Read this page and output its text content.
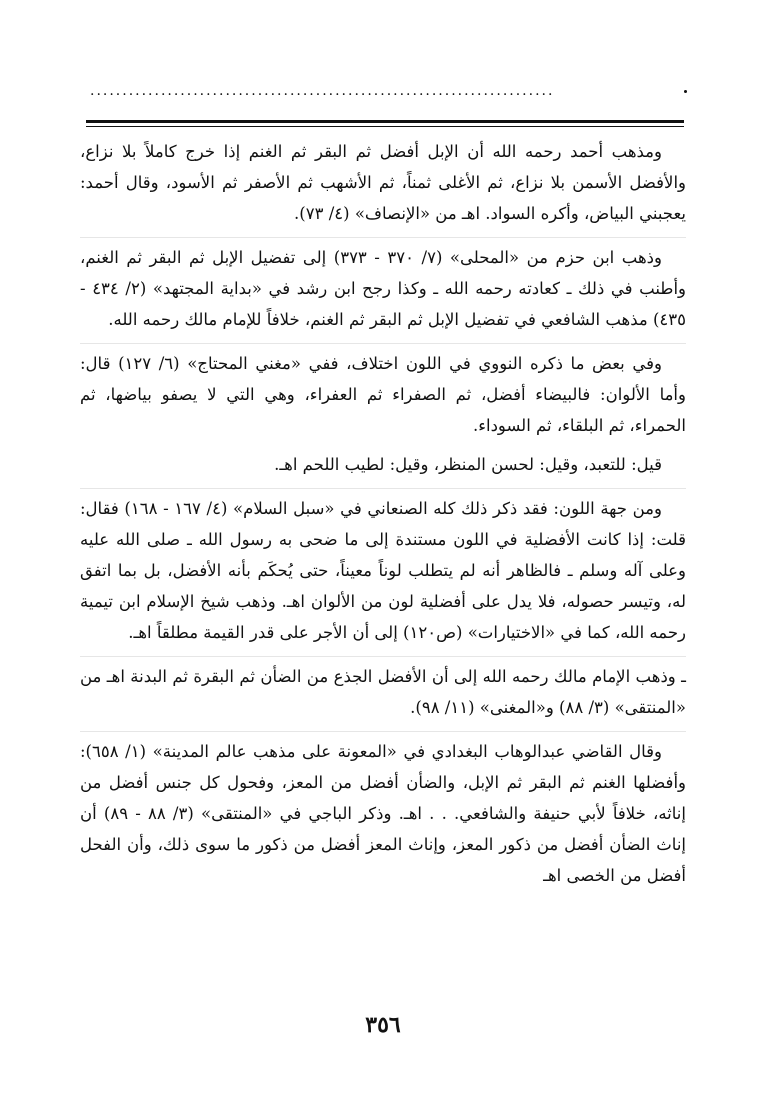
........................................................................

ومذهب أحمد رحمه الله أن الإبل أفضل ثم البقر ثم الغنم إذا خرج كاملاً بلا نزاع، والأفضل الأسمن بلا نزاع، ثم الأغلى ثمناً، ثم الأشهب ثم الأصفر ثم الأسود، وقال أحمد: يعجبني البياض، وأكره السواد. اهـ من «الإنصاف» (٤/ ٧٣).

وذهب ابن حزم من «المحلى» (٧/ ٣٧٠ - ٣٧٣) إلى تفضيل الإبل ثم البقر ثم الغنم، وأطنب في ذلك ـ كعادته رحمه الله ـ وكذا رجح ابن رشد في «بداية المجتهد» (٢/ ٤٣٤ - ٤٣٥) مذهب الشافعي في تفضيل الإبل ثم البقر ثم الغنم، خلافاً للإمام مالك رحمه الله.

وفي بعض ما ذكره النووي في اللون اختلاف، ففي «مغني المحتاج» (٦/ ١٢٧) قال: وأما الألوان: فالبيضاء أفضل، ثم الصفراء ثم العفراء، وهي التي لا يصفو بياضها، ثم الحمراء، ثم البلقاء، ثم السوداء.

قيل: للتعبد، وقيل: لحسن المنظر، وقيل: لطيب اللحم اهـ.

ومن جهة اللون: فقد ذكر ذلك كله الصنعاني في «سبل السلام» (٤/ ١٦٧ - ١٦٨) فقال: قلت: إذا كانت الأفضلية في اللون مستندة إلى ما ضحى به رسول الله ـ صلى الله عليه وعلى آله وسلم ـ فالظاهر أنه لم يتطلب لوناً معيناً، حتى يُحكَم بأنه الأفضل، بل بما اتفق له، وتيسر حصوله، فلا يدل على أفضلية لون من الألوان اهـ. وذهب شيخ الإسلام ابن تيمية رحمه الله، كما في «الاختيارات» (ص١٢٠) إلى أن الأجر على قدر القيمة مطلقاً اهـ.

ـ وذهب الإمام مالك رحمه الله إلى أن الأفضل الجذع من الضأن ثم البقرة ثم البدنة اهـ من «المنتقى» (٣/ ٨٨) و«المغنى» (١١/ ٩٨).

وقال القاضي عبدالوهاب البغدادي في «المعونة على مذهب عالم المدينة» (١/ ٦٥٨): وأفضلها الغنم ثم البقر ثم الإبل، والضأن أفضل من المعز، وفحول كل جنس أفضل من إناثه، خلافاً لأبي حنيفة والشافعي. . . اهـ. وذكر الباجي في «المنتقى» (٣/ ٨٨ - ٨٩) أن إناث الضأن أفضل من ذكور المعز، وإناث المعز أفضل من ذكور ما سوى ذلك، وأن الفحل أفضل من الخصى اهـ

٣٥٦
